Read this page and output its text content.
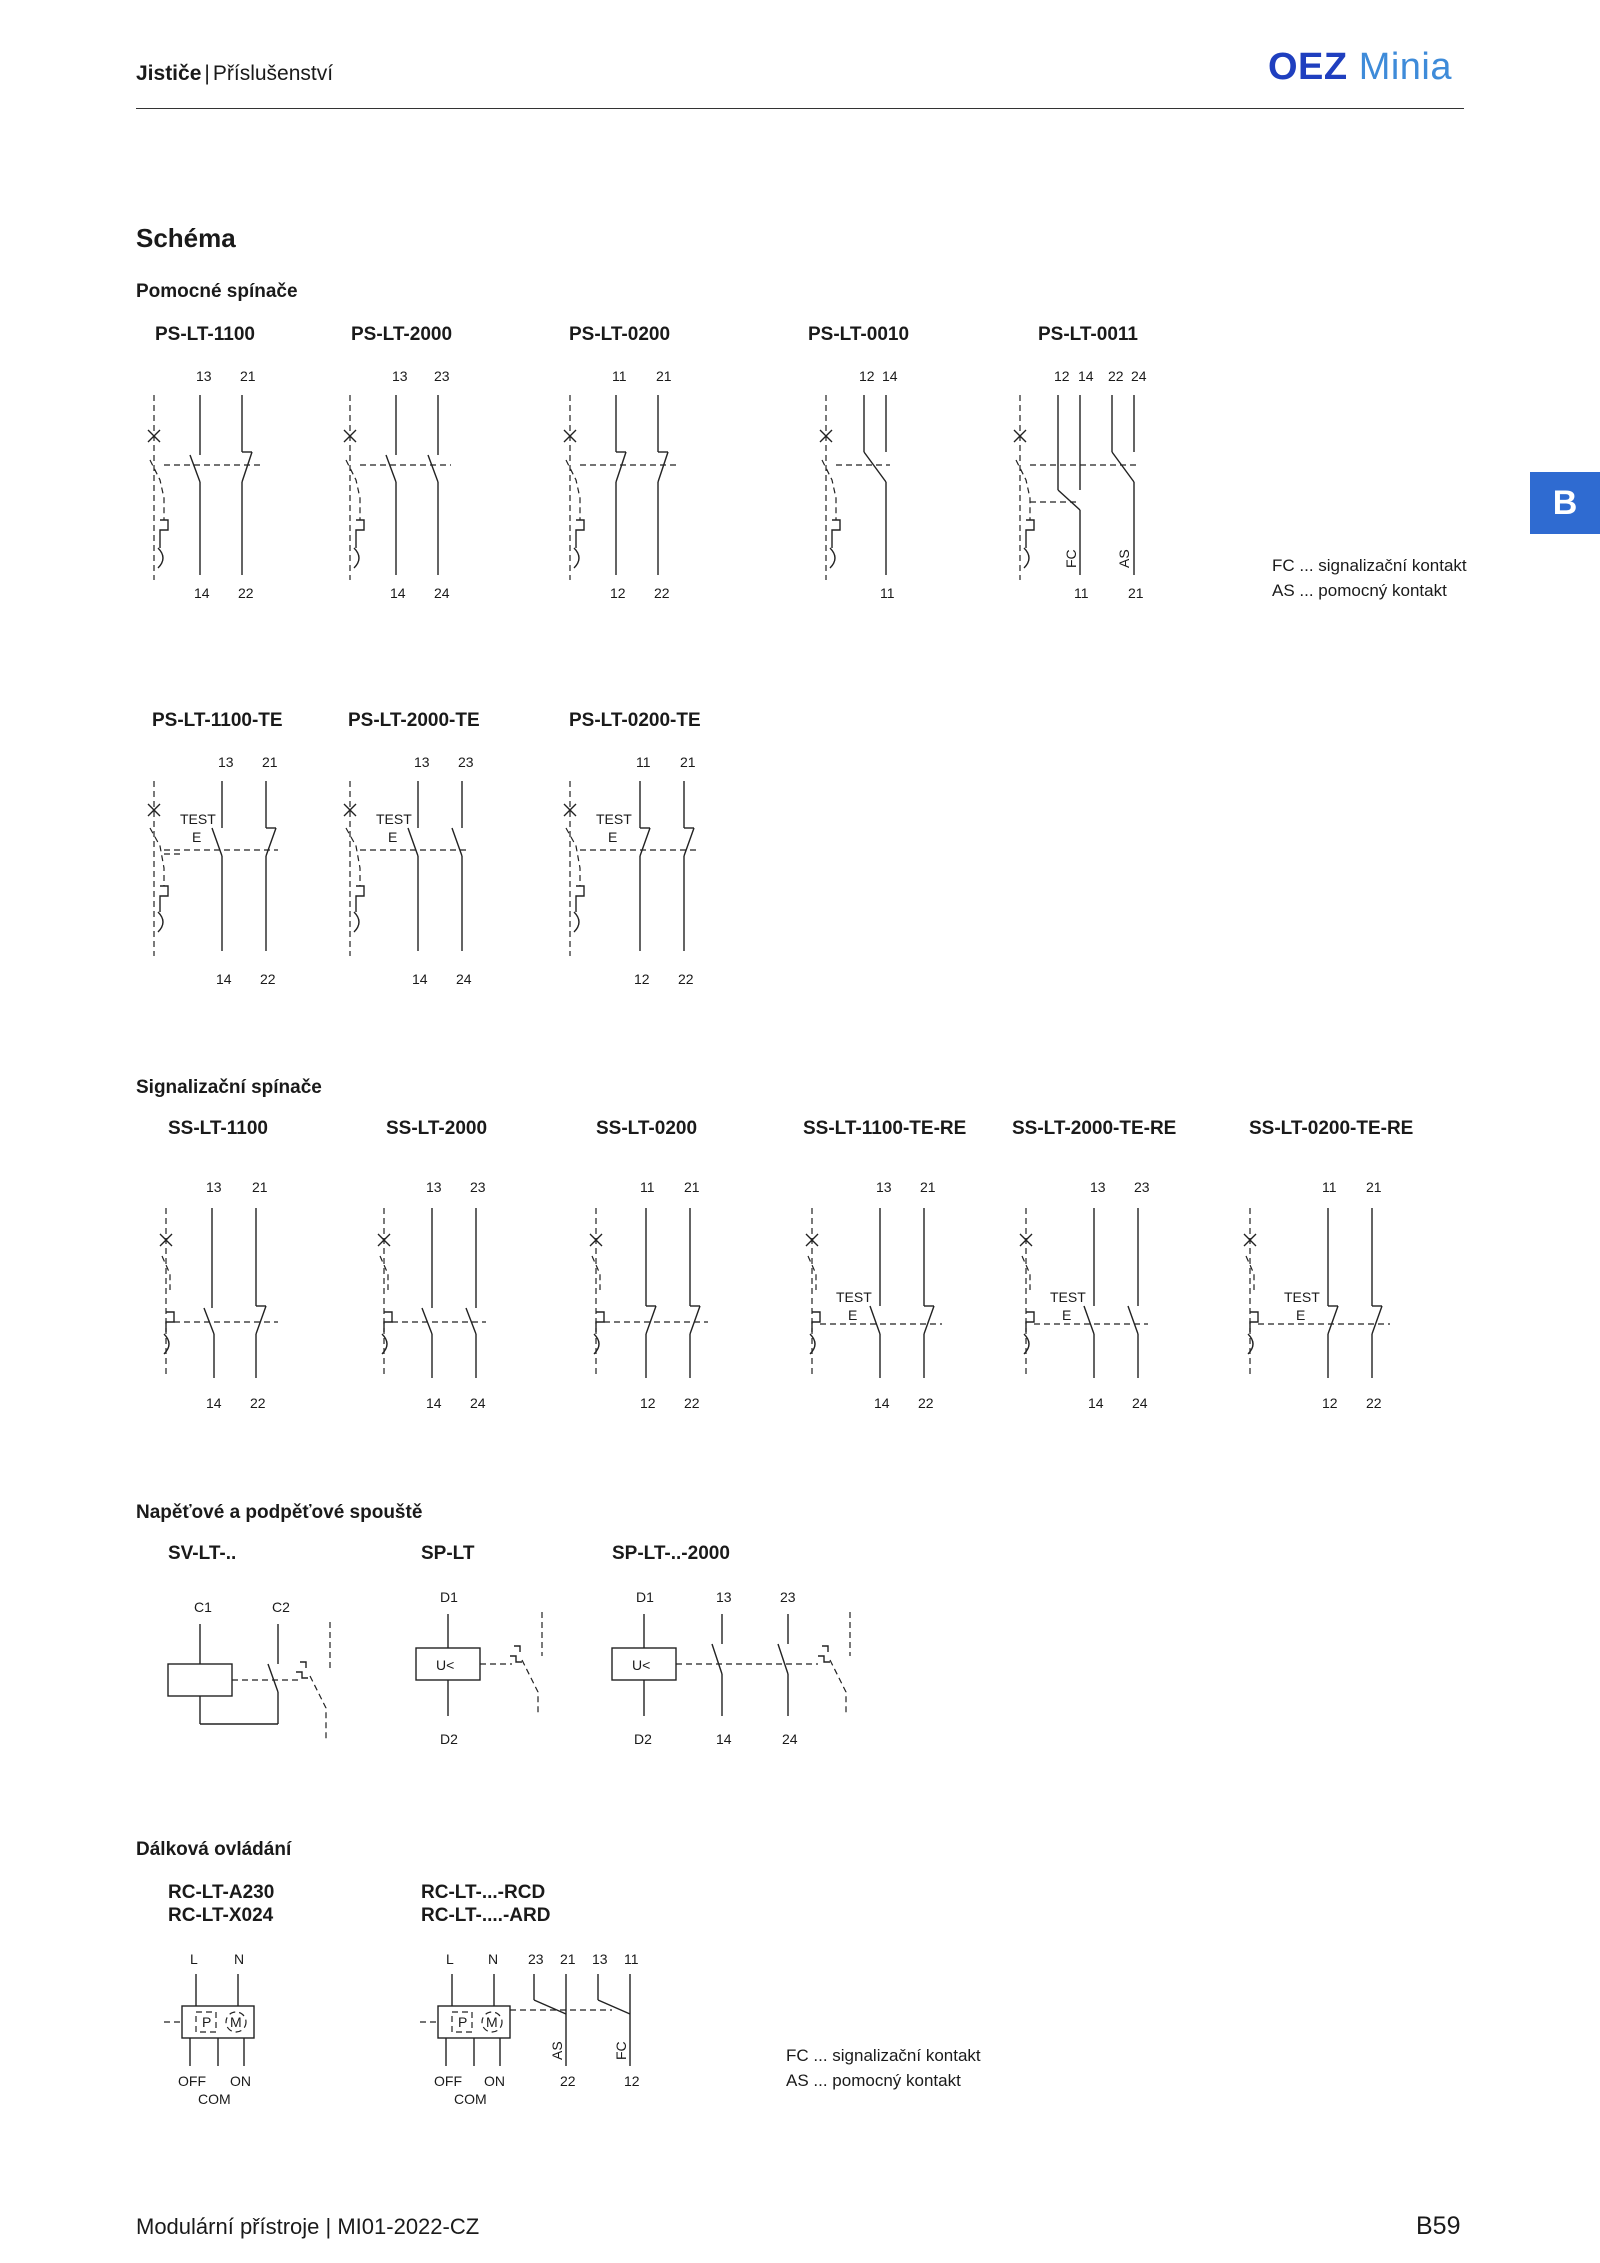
Jističe | Příslušenství	OEZ Minia
B
Schéma
Pomocné spínače
Signalizační spínače
Napěťové a podpěťové spouště
Dálková ovládání
PS-LT-1100	PS-LT-2000	PS-LT-0200	PS-LT-0010	PS-LT-0011
FC ... signalizační kontakt
AS ... pomocný kontakt
PS-LT-1100-TE	PS-LT-2000-TE	PS-LT-0200-TE
SS-LT-1100	SS-LT-2000	SS-LT-0200	SS-LT-1100-TE-RE SS-LT-2000-TE-RE	SS-LT-0200-TE-RE
SV-LT-..	SP-LT	SP-LT-..-2000
RC-LT-A230
RC-LT-X024
RC-LT-...-RCD
RC-LT-....-ARD
FC ... signalizační kontakt
AS ... pomocný kontakt
13 21
14 22
13 23
14 24
11 21
12 22
12 14
11
12 14 22 24
FC	AS
11	21
13 21
TEST
E
14 22
13 23
TEST
E
14 24
11 21
TEST
E
12 22
13 21
14 22
13 23
14 24
11 21
12 22
13 21
TEST
E
14 22
13 23
TEST
E
14 24
11 21
TEST
E
12 22
C1	C2
D1
U<
D2
D1	13	23
U<
D2	14	24
L	N
P M
OFF ON
COM
L N 23 21 13 11
P M
AS	FC
OFF ON
COM
22	12
Modulární přístroje | MI01-2022-CZ	B59
